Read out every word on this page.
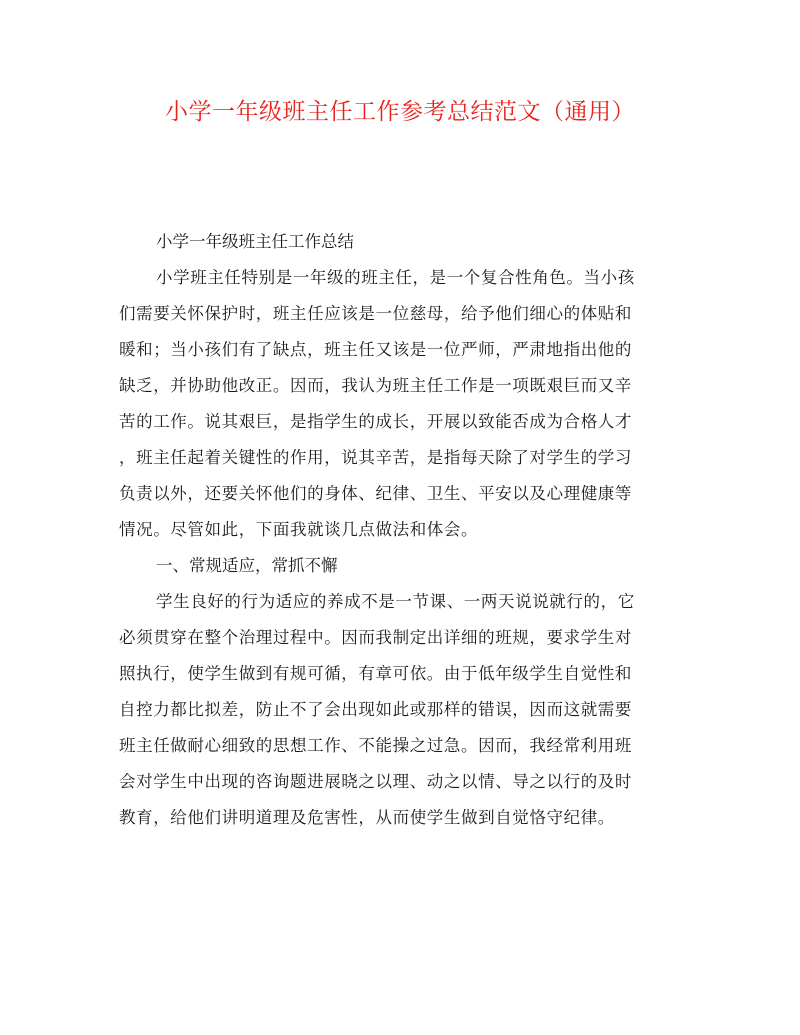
小学一年级班主任工作参考总结范文（通用）
小学一年级班主任工作总结

小学班主任特别是一年级的班主任，是一个复合性角色。当小孩
们需要关怀保护时，班主任应该是一位慈母，给予他们细心的体贴和
暖和；当小孩们有了缺点，班主任又该是一位严师，严肃地指出他的
缺乏，并协助他改正。因而，我认为班主任工作是一项既艰巨而又辛
苦的工作。说其艰巨，是指学生的成长，开展以致能否成为合格人才
，班主任起着关键性的作用，说其辛苦，是指每天除了对学生的学习
负责以外，还要关怀他们的身体、纪律、卫生、平安以及心理健康等
情况。尽管如此，下面我就谈几点做法和体会。

一、常规适应，常抓不懈

学生良好的行为适应的养成不是一节课、一两天说说就行的，它
必须贯穿在整个治理过程中。因而我制定出详细的班规，要求学生对
照执行，使学生做到有规可循，有章可依。由于低年级学生自觉性和
自控力都比拟差，防止不了会出现如此或那样的错误，因而这就需要
班主任做耐心细致的思想工作、不能操之过急。因而，我经常利用班
会对学生中出现的咨询题进展晓之以理、动之以情、导之以行的及时
教育，给他们讲明道理及危害性，从而使学生做到自觉恪守纪律。
